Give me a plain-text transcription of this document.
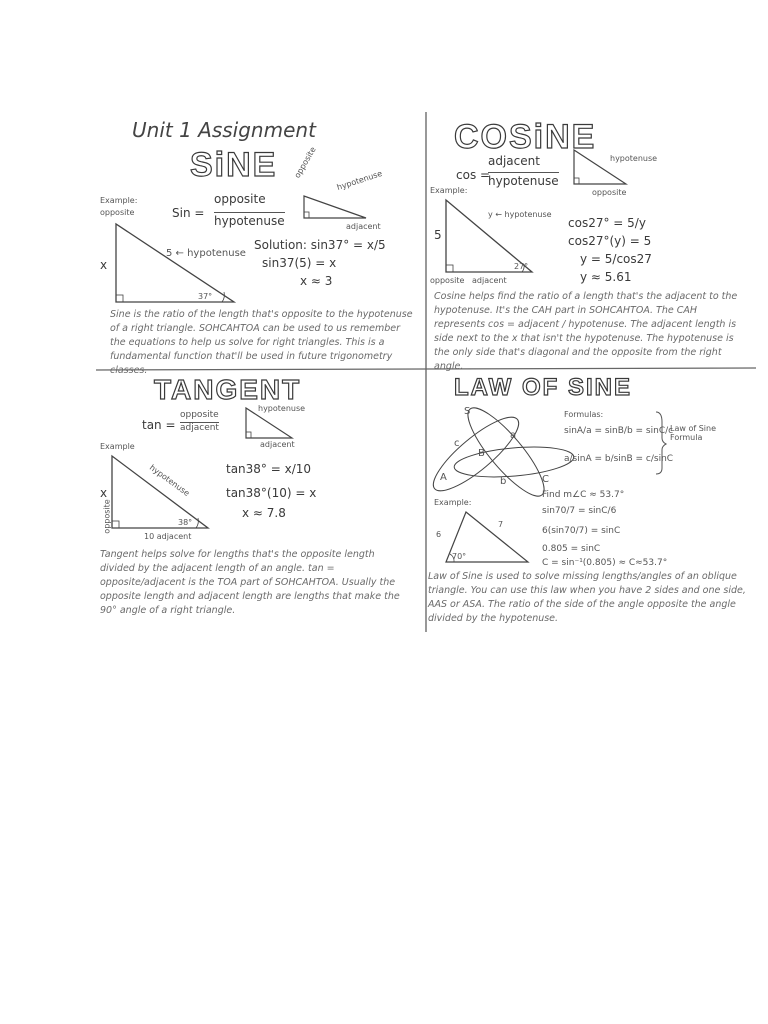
Unit 1 Assignment
SiNE
Sin =
opposite
hypotenuse
opposite
hypotenuse
adjacent
Example:
opposite
x
5 ← hypotenuse
37°
Solution: sin37° = x/5
sin37(5) = x
x ≈ 3
Sine is the ratio of the length that's opposite to the hypotenuse of a right triangle. SOHCAHTOA can be used to us remember the equations to help us solve for right triangles. This is a fundamental function that'll be used in future trigonometry classes.
COSiNE
cos =
adjacent
hypotenuse
hypotenuse
opposite
Example:
5
y ← hypotenuse
27°
opposite adjacent
cos27° = 5/y
cos27°(y) = 5
y = 5/cos27
y ≈ 5.61
Cosine helps find the ratio of a length that's the adjacent to the hypotenuse. It's the CAH part in SOHCAHTOA. The CAH represents cos = adjacent / hypotenuse. The adjacent length is side next to the x that isn't the hypotenuse. The hypotenuse is the only side that's diagonal and the opposite from the right angle.
TANGENT
tan =
opposite
adjacent
hypotenuse
adjacent
Example
x
opposite
hypotenuse
38°
10 adjacent
tan38° = x/10
tan38°(10) = x
x ≈ 7.8
Tangent helps solve for lengths that's the opposite length divided by the adjacent length of an angle. tan = opposite/adjacent is the TOA part of SOHCAHTOA. Usually the opposite length and adjacent length are lengths that make the 90° angle of a right triangle.
LAW OF SINE
S
a
b
c
A
B
C
Formulas:
sinA/a = sinB/b = sinC/c
a/sinA = b/sinB = c/sinC
Law of Sine Formula
Example:
6
7
70°
Find m∠C ≈ 53.7°
sin70/7 = sinC/6
6(sin70/7) = sinC
0.805 = sinC
C = sin⁻¹(0.805) ≈ C≈53.7°
Law of Sine is used to solve missing lengths/angles of an oblique triangle. You can use this law when you have 2 sides and one side, AAS or ASA. The ratio of the side of the angle opposite the angle divided by the hypotenuse.
